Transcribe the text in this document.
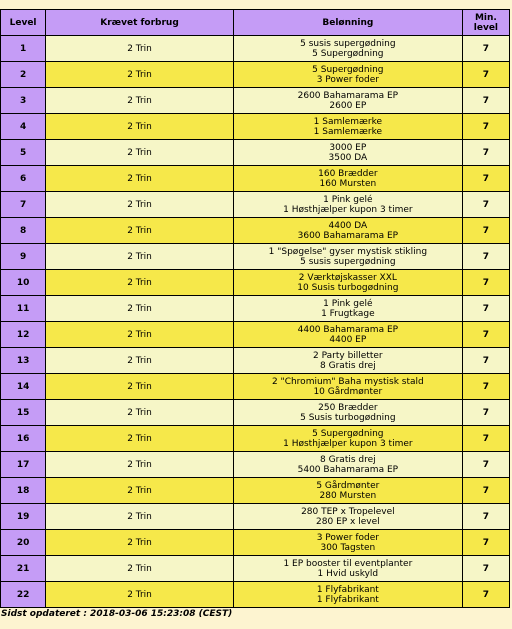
Level	Krævet forbrug	Belønning	Min.
level
1	2 Trin	5 susis supergødning
5 Supergødning	7
2	2 Trin	5 Supergødning
3 Power foder	7
3	2 Trin	2600 Bahamarama EP
2600 EP	7
4	2 Trin	1 Samlemærke
1 Samlemærke	7
5	2 Trin	3000 EP
3500 DA	7
6	2 Trin	160 Brædder
160 Mursten	7
7	2 Trin	1 Pink gelé
1 Høsthjælper kupon 3 timer	7
8	2 Trin	4400 DA
3600 Bahamarama EP	7
9	2 Trin	1 "Spøgelse" gyser mystisk stikling
5 susis supergødning	7
10	2 Trin	2 Værktøjskasser XXL
10 Susis turbogødning	7
11	2 Trin	1 Pink gelé
1 Frugtkage	7
12	2 Trin	4400 Bahamarama EP
4400 EP	7
13	2 Trin	2 Party billetter
8 Gratis drej	7
14	2 Trin	2 "Chromium" Baha mystisk stald
10 Gårdmønter	7
15	2 Trin	250 Brædder
5 Susis turbogødning	7
16	2 Trin	5 Supergødning
1 Høsthjælper kupon 3 timer	7
17	2 Trin	8 Gratis drej
5400 Bahamarama EP	7
18	2 Trin	5 Gårdmønter
280 Mursten	7
19	2 Trin	280 TEP x Tropelevel
280 EP x level	7
20	2 Trin	3 Power foder
300 Tagsten	7
21	2 Trin	1 EP booster til eventplanter
1 Hvid uskyld	7
22	2 Trin	1 Flyfabrikant
1 Flyfabrikant	7
Sidst opdateret : 2018-03-06 15:23:08 (CEST)
